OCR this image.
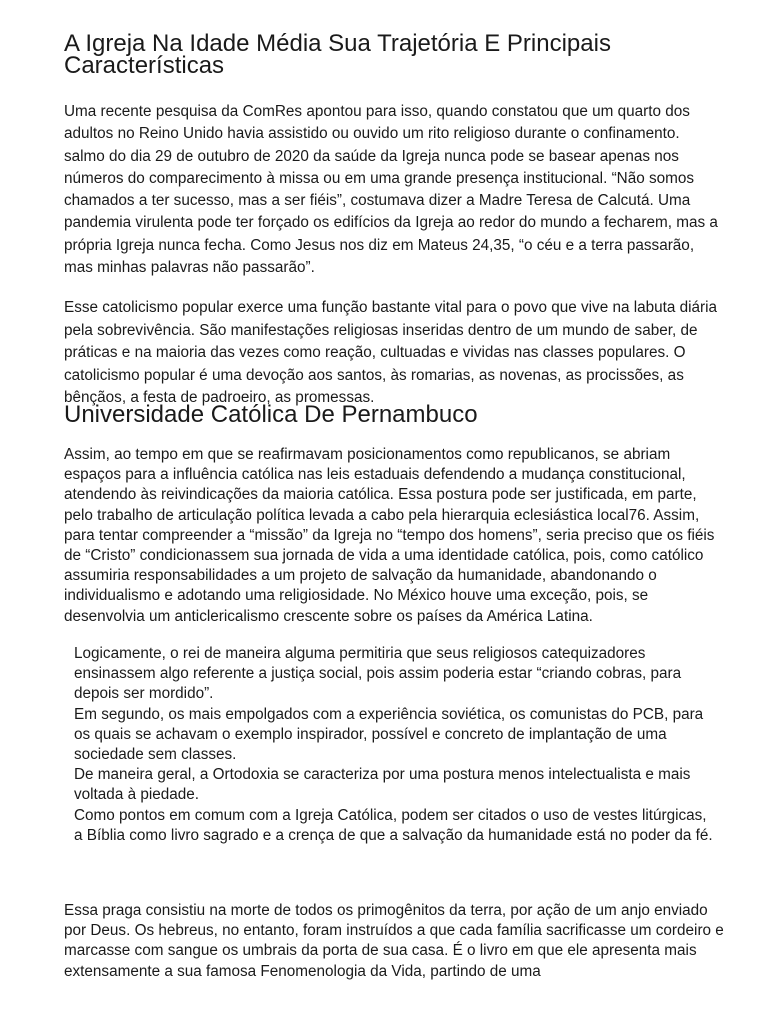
A Igreja Na Idade Média Sua Trajetória E Principais Características

Uma recente pesquisa da ComRes apontou para isso, quando constatou que um quarto dos adultos no Reino Unido havia assistido ou ouvido um rito religioso durante o confinamento. salmo do dia 29 de outubro de 2020 da saúde da Igreja nunca pode se basear apenas nos números do comparecimento à missa ou em uma grande presença institucional. “Não somos chamados a ter sucesso, mas a ser fiéis”, costumava dizer a Madre Teresa de Calcutá. Uma pandemia virulenta pode ter forçado os edifícios da Igreja ao redor do mundo a fecharem, mas a própria Igreja nunca fecha. Como Jesus nos diz em Mateus 24,35, “o céu e a terra passarão, mas minhas palavras não passarão”.

Esse catolicismo popular exerce uma função bastante vital para o povo que vive na labuta diária pela sobrevivência. São manifestações religiosas inseridas dentro de um mundo de saber, de práticas e na maioria das vezes como reação, cultuadas e vividas nas classes populares. O catolicismo popular é uma devoção aos santos, às romarias, as novenas, as procissões, as bênçãos, a festa de padroeiro, as promessas.

Universidade Católica De Pernambuco

Assim, ao tempo em que se reafirmavam posicionamentos como republicanos, se abriam espaços para a influência católica nas leis estaduais defendendo a mudança constitucional, atendendo às reivindicações da maioria católica. Essa postura pode ser justificada, em parte, pelo trabalho de articulação política levada a cabo pela hierarquia eclesiástica local76. Assim, para tentar compreender a “missão” da Igreja no “tempo dos homens”, seria preciso que os fiéis de “Cristo” condicionassem sua jornada de vida a uma identidade católica, pois, como católico assumiria responsabilidades a um projeto de salvação da humanidade, abandonando o individualismo e adotando uma religiosidade. No México houve uma exceção, pois, se desenvolvia um anticlericalismo crescente sobre os países da América Latina.

Logicamente, o rei de maneira alguma permitiria que seus religiosos catequizadores ensinassem algo referente a justiça social, pois assim poderia estar “criando cobras, para depois ser mordido”.
Em segundo, os mais empolgados com a experiência soviética, os comunistas do PCB, para os quais se achavam o exemplo inspirador, possível e concreto de implantação de uma sociedade sem classes.
De maneira geral, a Ortodoxia se caracteriza por uma postura menos intelectualista e mais voltada à piedade.
Como pontos em comum com a Igreja Católica, podem ser citados o uso de vestes litúrgicas, a Bíblia como livro sagrado e a crença de que a salvação da humanidade está no poder da fé.

Essa praga consistiu na morte de todos os primogênitos da terra, por ação de um anjo enviado por Deus. Os hebreus, no entanto, foram instruídos a que cada família sacrificasse um cordeiro e marcasse com sangue os umbrais da porta de sua casa. É o livro em que ele apresenta mais extensamente a sua famosa Fenomenologia da Vida, partindo de uma
